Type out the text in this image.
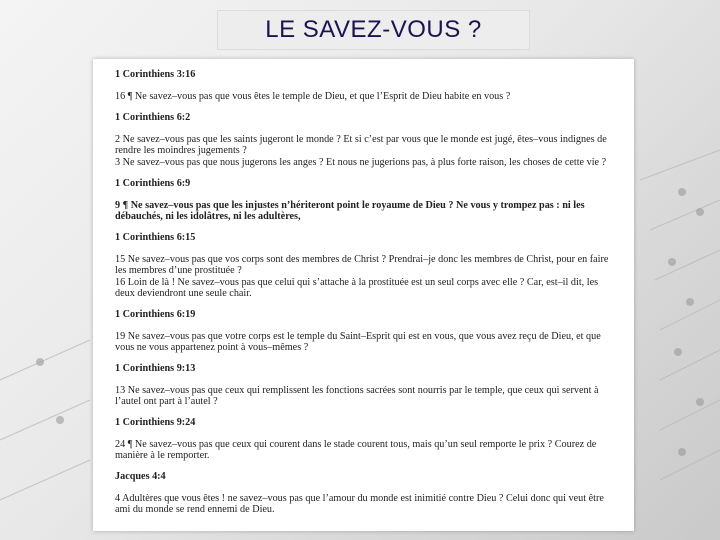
LE SAVEZ-VOUS ?
1 Corinthiens 3:16
16 ¶ Ne savez–vous pas que vous êtes le temple de Dieu, et que l’Esprit de Dieu habite en vous ?
1 Corinthiens 6:2
2 Ne savez–vous pas que les saints jugeront le monde ? Et si c’est par vous que le monde est jugé, êtes–vous indignes de rendre les moindres jugements ?
3 Ne savez–vous pas que nous jugerons les anges ? Et nous ne jugerions pas, à plus forte raison, les choses de cette vie ?
1 Corinthiens 6:9
9 ¶ Ne savez–vous pas que les injustes n’hériteront point le royaume de Dieu ? Ne vous y trompez pas : ni les débauchés, ni les idolâtres, ni les adultères,
1 Corinthiens 6:15
15 Ne savez–vous pas que vos corps sont des membres de Christ ? Prendrai–je donc les membres de Christ, pour en faire les membres d’une prostituée ?
16 Loin de là ! Ne savez–vous pas que celui qui s’attache à la prostituée est un seul corps avec elle ? Car, est–il dit, les deux deviendront une seule chair.
1 Corinthiens 6:19
19 Ne savez–vous pas que votre corps est le temple du Saint–Esprit qui est en vous, que vous avez reçu de Dieu, et que vous ne vous appartenez point à vous–mêmes ?
1 Corinthiens 9:13
13 Ne savez–vous pas que ceux qui remplissent les fonctions sacrées sont nourris par le temple, que ceux qui servent à l’autel ont part à l’autel ?
1 Corinthiens 9:24
24 ¶ Ne savez–vous pas que ceux qui courent dans le stade courent tous, mais qu’un seul remporte le prix ? Courez de manière à le remporter.
Jacques 4:4
4 Adultères que vous êtes ! ne savez–vous pas que l’amour du monde est inimitié contre Dieu ? Celui donc qui veut être ami du monde se rend ennemi de Dieu.
